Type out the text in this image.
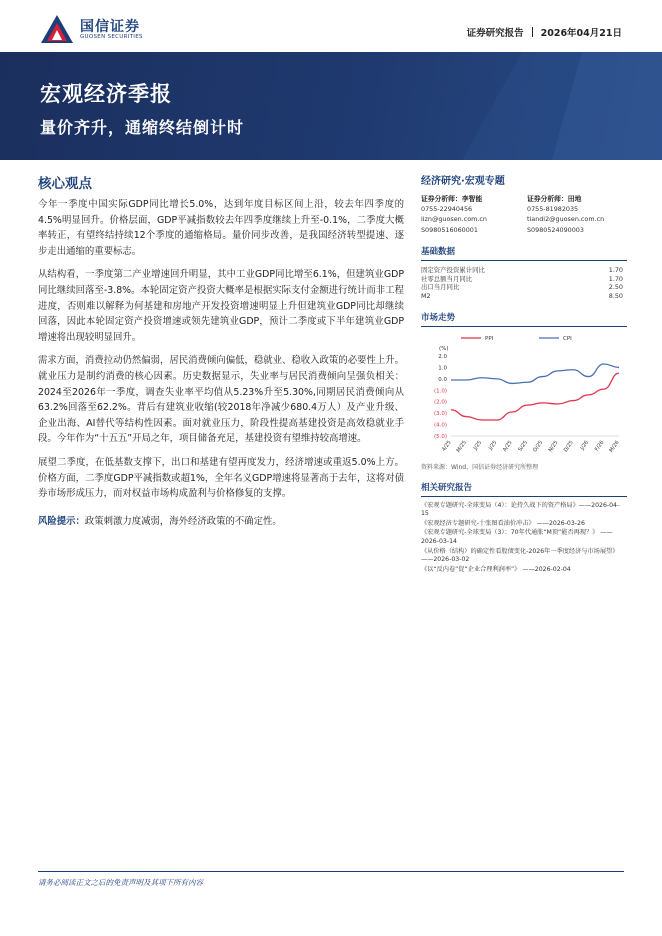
国信证券
GUOSEN SECURITIES	证券研究报告 2026年04月21日
宏观经济季报
量价齐升，通缩终结倒计时
核心观点

今年一季度中国实际GDP同比增长5.0%，达到年度目标区间上沿，较去年四季度的4.5%明显回升。价格层面，GDP平减指数较去年四季度继续上升至-0.1%，二季度大概率转正，有望终结持续12个季度的通缩格局。量价同步改善，是我国经济转型提速、逐步走出通缩的重要标志。

从结构看，一季度第二产业增速回升明显，其中工业GDP同比增至6.1%，但建筑业GDP同比继续回落至-3.8%。本轮固定资产投资大概率是根据实际支付金额进行统计而非工程进度，否则难以解释为何基建和房地产开发投资增速明显上升但建筑业GDP同比却继续回落，因此本轮固定资产投资增速或领先建筑业GDP，预计二季度或下半年建筑业GDP增速将出现较明显回升。

需求方面，消费拉动仍然偏弱，居民消费倾向偏低，稳就业、稳收入政策的必要性上升。就业压力是制约消费的核心因素。历史数据显示，失业率与居民消费倾向呈强负相关：2024至2026年一季度，调查失业率平均值从5.23%升至5.30%,同期居民消费倾向从63.2%回落至62.2%。背后有建筑业收缩(较2018年净减少680.4万人）及产业升级、企业出海、AI替代等结构性因素。面对就业压力，阶段性提高基建投资是高效稳就业手段。今年作为“十五五”开局之年，项目储备充足，基建投资有望维持较高增速。

展望二季度，在低基数支撑下，出口和基建有望再度发力，经济增速或重返5.0%上方。价格方面，二季度GDP平减指数或超1%，全年名义GDP增速将显著高于去年，这将对债券市场形成压力，而对权益市场构成盈利与价格修复的支撑。

风险提示：政策刺激力度减弱，海外经济政策的不确定性。

经济研究·宏观专题
证券分析师：李智能
0755-22940456
lizn@guosen.com.cn
S0980516060001
证券分析师：田地
0755-81982035
tiandi2@guosen.com.cn
S0980524090003
基础数据
固定资产投资累计同比	1.70
社零总额当月同比	1.70
出口当月同比	2.50
M2	8.50
市场走势
PPI	CPI
(%)
2.0
1.0
0.0
(1.0)
(2.0)
(3.0)
(4.0)
(5.0)
4/25 M/25 J/25 J/25 A/25 S/25 O/25 N/25 D/25 J/26 F/26 M/26
资料来源：Wind、国信证券经济研究所整理
相关研究报告
《宏观专题研究-全球变局（4）：论持久战下的资产格局》——2026-04-15
《宏观经济专题研究-十张图看油价冲击》 ——2026-03-26
《宏观专题研究-全球变局（3）：70年代通胀“M顶”能否再现？》 ——2026-03-14
《从价格（结构）的确定性看股债变化-2026年一季度经济与市场展望》 ——2026-03-02
《以“反内卷”促“企业合理利润率”》 ——2026-02-04
请务必阅读正文之后的免责声明及其项下所有内容
